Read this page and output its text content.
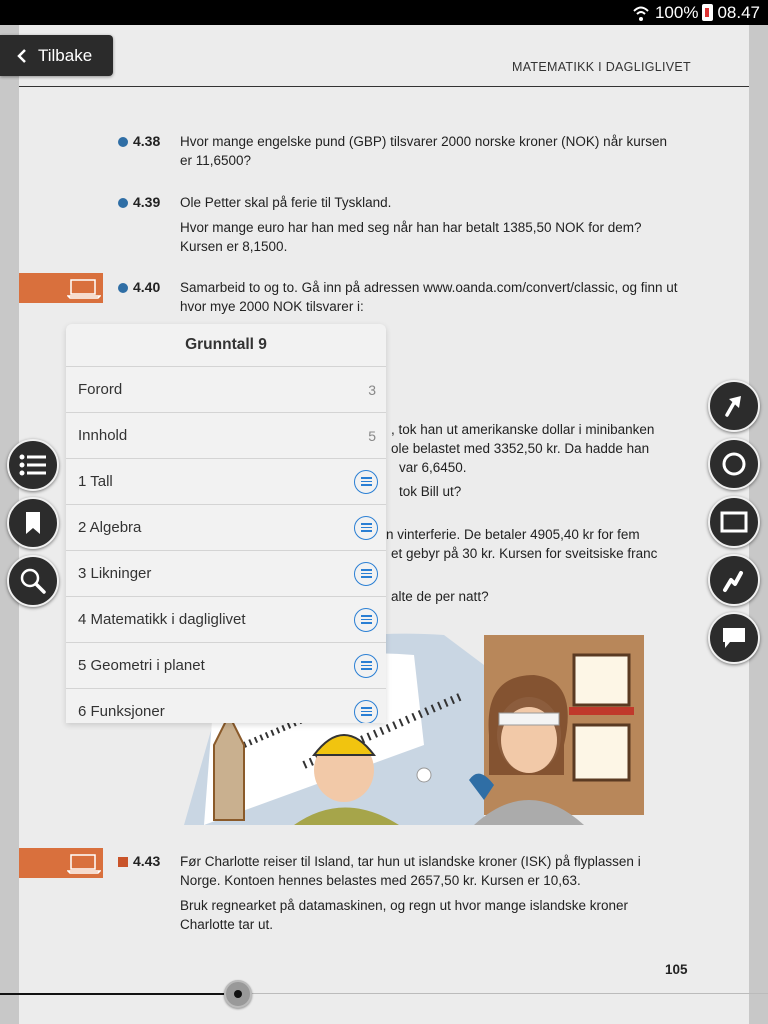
100% 08.47
MATEMATIKK I DAGLIGLIVET
4.38 Hvor mange engelske pund (GBP) tilsvarer 2000 norske kroner (NOK) når kursen er 11,6500?

4.39 Ole Petter skal på ferie til Tyskland.

Hvor mange euro har han med seg når han har betalt 1385,50 NOK for dem? Kursen er 8,1500.

4.40 Samarbeid to og to. Gå inn på adressen www.oanda.com/convert/classic, og finn ut hvor mye 2000 NOK tilsvarer i:

, tok han ut amerikanske dollar i minibanken
ole belastet med 3352,50 kr. Da hadde han
var 6,6450.
tok Bill ut?
n vinterferie. De betaler 4905,40 kr for fem
et gebyr på 30 kr. Kursen for sveitsiske franc
alte de per natt?
4.43 Før Charlotte reiser til Island, tar hun ut islandske kroner (ISK) på flyplassen i Norge. Kontoen hennes belastes med 2657,50 kr. Kursen er 10,63.

Bruk regnearket på datamaskinen, og regn ut hvor mange islandske kroner Charlotte tar ut.

105
Tilbake
Grunntall 9
Forord	3
Innhold	5
1 Tall
2 Algebra
3 Likninger
4 Matematikk i dagliglivet
5 Geometri i planet
6 Funksjoner
